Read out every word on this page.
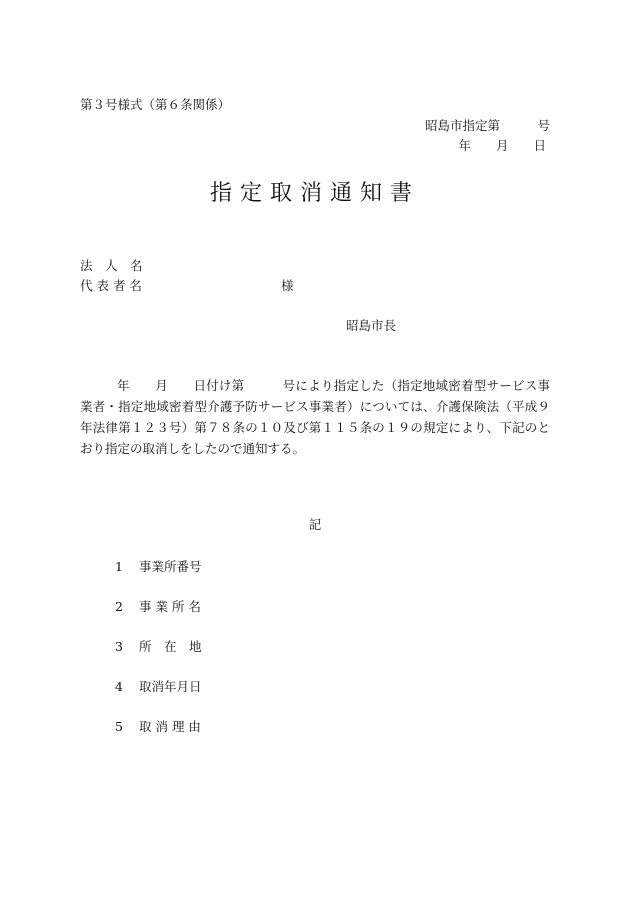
第３号様式（第６条関係）
昭島市指定第　　　号
年　　月　　日
指定取消通知書
法　人　名
代 表 者 名	様
昭島市長
年　　月　　日付け第　　　号により指定した（指定地域密着型サービス事業者・指定地域密着型介護予防サービス事業者）については、介護保険法（平成９年法律第１２３号）第７８条の１０及び第１１５条の１９の規定により、下記のとおり指定の取消しをしたので通知する。
記
1 事業所番号
2 事 業 所 名
3 所　在　地
4 取消年月日
5 取 消 理 由
